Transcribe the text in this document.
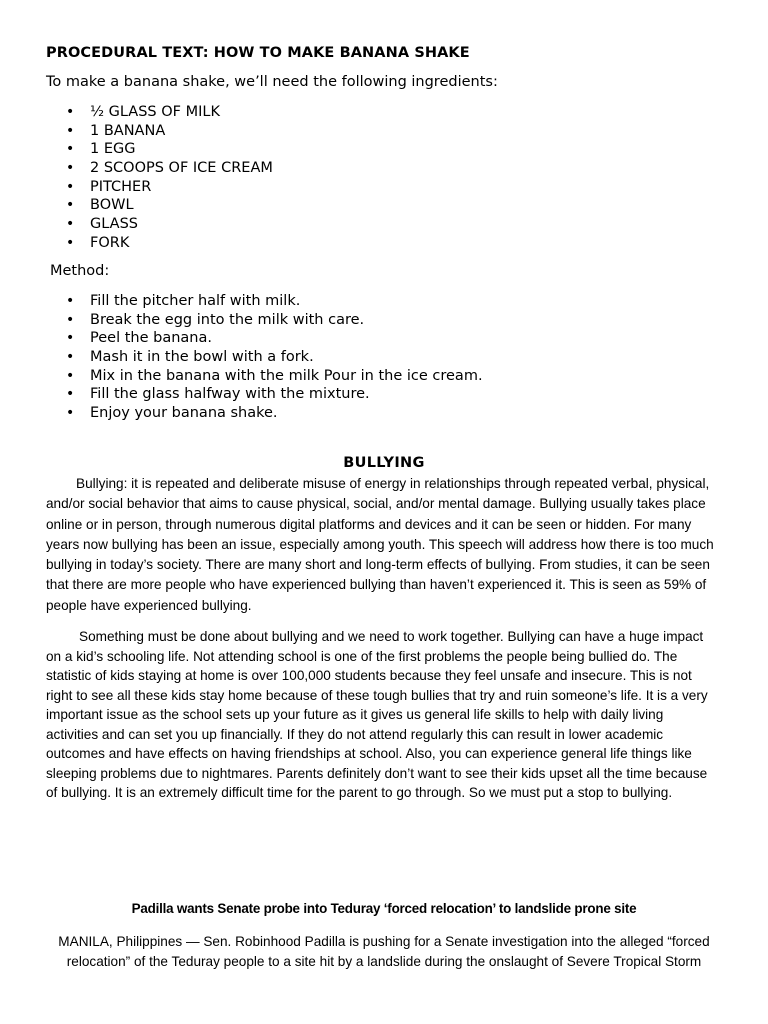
PROCEDURAL TEXT: HOW TO MAKE BANANA SHAKE
To make a banana shake, we’ll need the following ingredients:
• ½ GLASS OF MILK
• 1 BANANA
• 1 EGG
• 2 SCOOPS OF ICE CREAM
• PITCHER
• BOWL
• GLASS
• FORK
Method:
• Fill the pitcher half with milk.
• Break the egg into the milk with care.
• Peel the banana.
• Mash it in the bowl with a fork.
• Mix in the banana with the milk Pour in the ice cream.
• Fill the glass halfway with the mixture.
• Enjoy your banana shake.
BULLYING
Bullying: it is repeated and deliberate misuse of energy in relationships through repeated verbal, physical,
and/or social behavior that aims to cause physical, social, and/or mental damage. Bullying usually takes place
online or in person, through numerous digital platforms and devices and it can be seen or hidden. For many
years now bullying has been an issue, especially among youth. This speech will address how there is too much
bullying in today’s society. There are many short and long-term effects of bullying. From studies, it can be seen
that there are more people who have experienced bullying than haven’t experienced it. This is seen as 59% of
people have experienced bullying.
Something must be done about bullying and we need to work together. Bullying can have a huge impact
on a kid’s schooling life. Not attending school is one of the first problems the people being bullied do. The
statistic of kids staying at home is over 100,000 students because they feel unsafe and insecure. This is not
right to see all these kids stay home because of these tough bullies that try and ruin someone’s life. It is a very
important issue as the school sets up your future as it gives us general life skills to help with daily living
activities and can set you up financially. If they do not attend regularly this can result in lower academic
outcomes and have effects on having friendships at school. Also, you can experience general life things like
sleeping problems due to nightmares. Parents definitely don’t want to see their kids upset all the time because
of bullying. It is an extremely difficult time for the parent to go through. So we must put a stop to bullying.
Padilla wants Senate probe into Teduray ‘forced relocation’ to landslide prone site
MANILA, Philippines — Sen. Robinhood Padilla is pushing for a Senate investigation into the alleged “forced
relocation” of the Teduray people to a site hit by a landslide during the onslaught of Severe Tropical Storm
